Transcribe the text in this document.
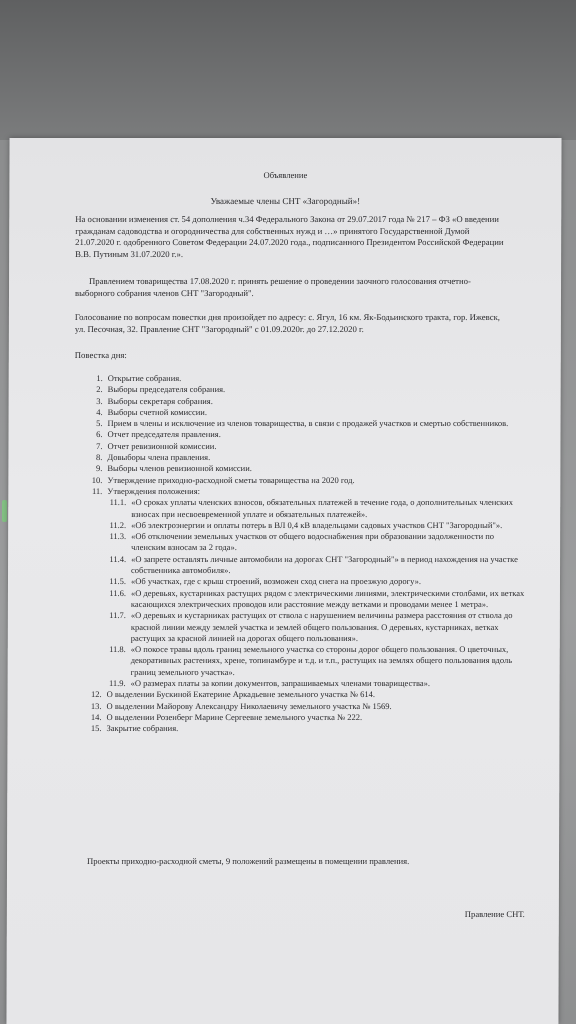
Объявление
Уважаемые члены СНТ «Загородный»!
На основании изменения ст. 54 дополнения ч.34 Федерального Закона от 29.07.2017 года № 217 – ФЗ «О введении гражданам садоводства и огородничества для собственных нужд и …» принятого Государственной Думой 21.07.2020 г. одобренного Советом Федерации 24.07.2020 года., подписанного Президентом Российской Федерации В.В. Путиным 31.07.2020 г.».
Правлением товарищества 17.08.2020 г. принять решение о проведении заочного голосования отчетно-выборного собрания членов СНТ "Загородный".
Голосование по вопросам повестки дня произойдет по адресу: с. Ягул, 16 км. Як-Бодьинского тракта, гор. Ижевск, ул. Песочная, 32. Правление СНТ "Загородный" с 01.09.2020г. до 27.12.2020 г.
Повестка дня:
1. Открытие собрания.
2. Выборы председателя собрания.
3. Выборы секретаря собрания.
4. Выборы счетной комиссии.
5. Прием в члены и исключение из членов товарищества, в связи с продажей участков и смертью собственников.
6. Отчет председателя правления.
7. Отчет ревизионной комиссии.
8. Довыборы члена правления.
9. Выборы членов ревизионной комиссии.
10. Утверждение приходно-расходной сметы товарищества на 2020 год.
11. Утверждения положения:
11.1. «О сроках уплаты членских взносов, обязательных платежей в течение года, о дополнительных членских взносах при несвоевременной уплате и обязательных платежей».
11.2. «Об электроэнергии и оплаты потерь в ВЛ 0,4 кВ владельцами садовых участков СНТ "Загородный"».
11.3. «Об отключении земельных участков от общего водоснабжения при образовании задолженности по членским взносам за 2 года».
11.4. «О запрете оставлять личные автомобили на дорогах СНТ "Загородный"» в период нахождения на участке собственника автомобиля».
11.5. «Об участках, где с крыш строений, возможен сход снега на проезжую дорогу».
11.6. «О деревьях, кустарниках растущих рядом с электрическими линиями, электрическими столбами, их ветках касающихся электрических проводов или расстояние между ветками и проводами менее 1 метра».
11.7. «О деревьях и кустарниках растущих от ствола с нарушением величины размера расстояния от ствола до красной линии между землей участка и землей общего пользования. О деревьях, кустарниках, ветках растущих за красной линией на дорогах общего пользования».
11.8. «О покосе травы вдоль границ земельного участка со стороны дорог общего пользования. О цветочных, декоративных растениях, хрене, топинамбуре и т.д. и т.п., растущих на землях общего пользования вдоль границ земельного участка».
11.9. «О размерах платы за копии документов, запрашиваемых членами товарищества».
12. О выделении Бускиной Екатерине Аркадьевне земельного участка № 614.
13. О выделении Майорову Александру Николаевичу земельного участка № 1569.
14. О выделении Розенберг Марине Сергеевне земельного участка № 222.
15. Закрытие собрания.
Проекты приходно-расходной сметы, 9 положений размещены в помещении правления.
Правление СНТ.
